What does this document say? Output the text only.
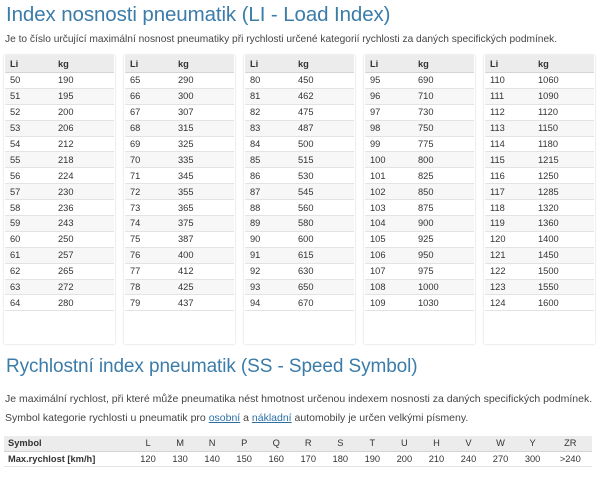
Index nosnosti pneumatik (LI - Load Index)
Je to číslo určující maximální nosnost pneumatiky při rychlosti určené kategorií rychlosti za daných specifických podmínek.
Li	kg
50	190
51	195
52	200
53	206
54	212
55	218
56	224
57	230
58	236
59	243
60	250
61	257
62	265
63	272
64	280
Li	kg
65	290
66	300
67	307
68	315
69	325
70	335
71	345
72	355
73	365
74	375
75	387
76	400
77	412
78	425
79	437
Li	kg
80	450
81	462
82	475
83	487
84	500
85	515
86	530
87	545
88	560
89	580
90	600
91	615
92	630
93	650
94	670
Li	kg
95	690
96	710
97	730
98	750
99	775
100	800
101	825
102	850
103	875
104	900
105	925
106	950
107	975
108	1000
109	1030
Li	kg
110	1060
111	1090
112	1120
113	1150
114	1180
115	1215
116	1250
117	1285
118	1320
119	1360
120	1400
121	1450
122	1500
123	1550
124	1600
Rychlostní index pneumatik (SS - Speed Symbol)
Je maximální rychlost, při které může pneumatika nést hmotnost určenou indexem nosnosti za daných specifických podmínek. Symbol kategorie rychlosti u pneumatik pro osobní a nákladní automobily je určen velkými písmeny.
Symbol	L	M	N	P	Q	R	S	T	U	H	V	W	Y	ZR
Max.rychlost [km/h]	120	130	140	150	160	170	180	190	200	210	240	270	300	>240
